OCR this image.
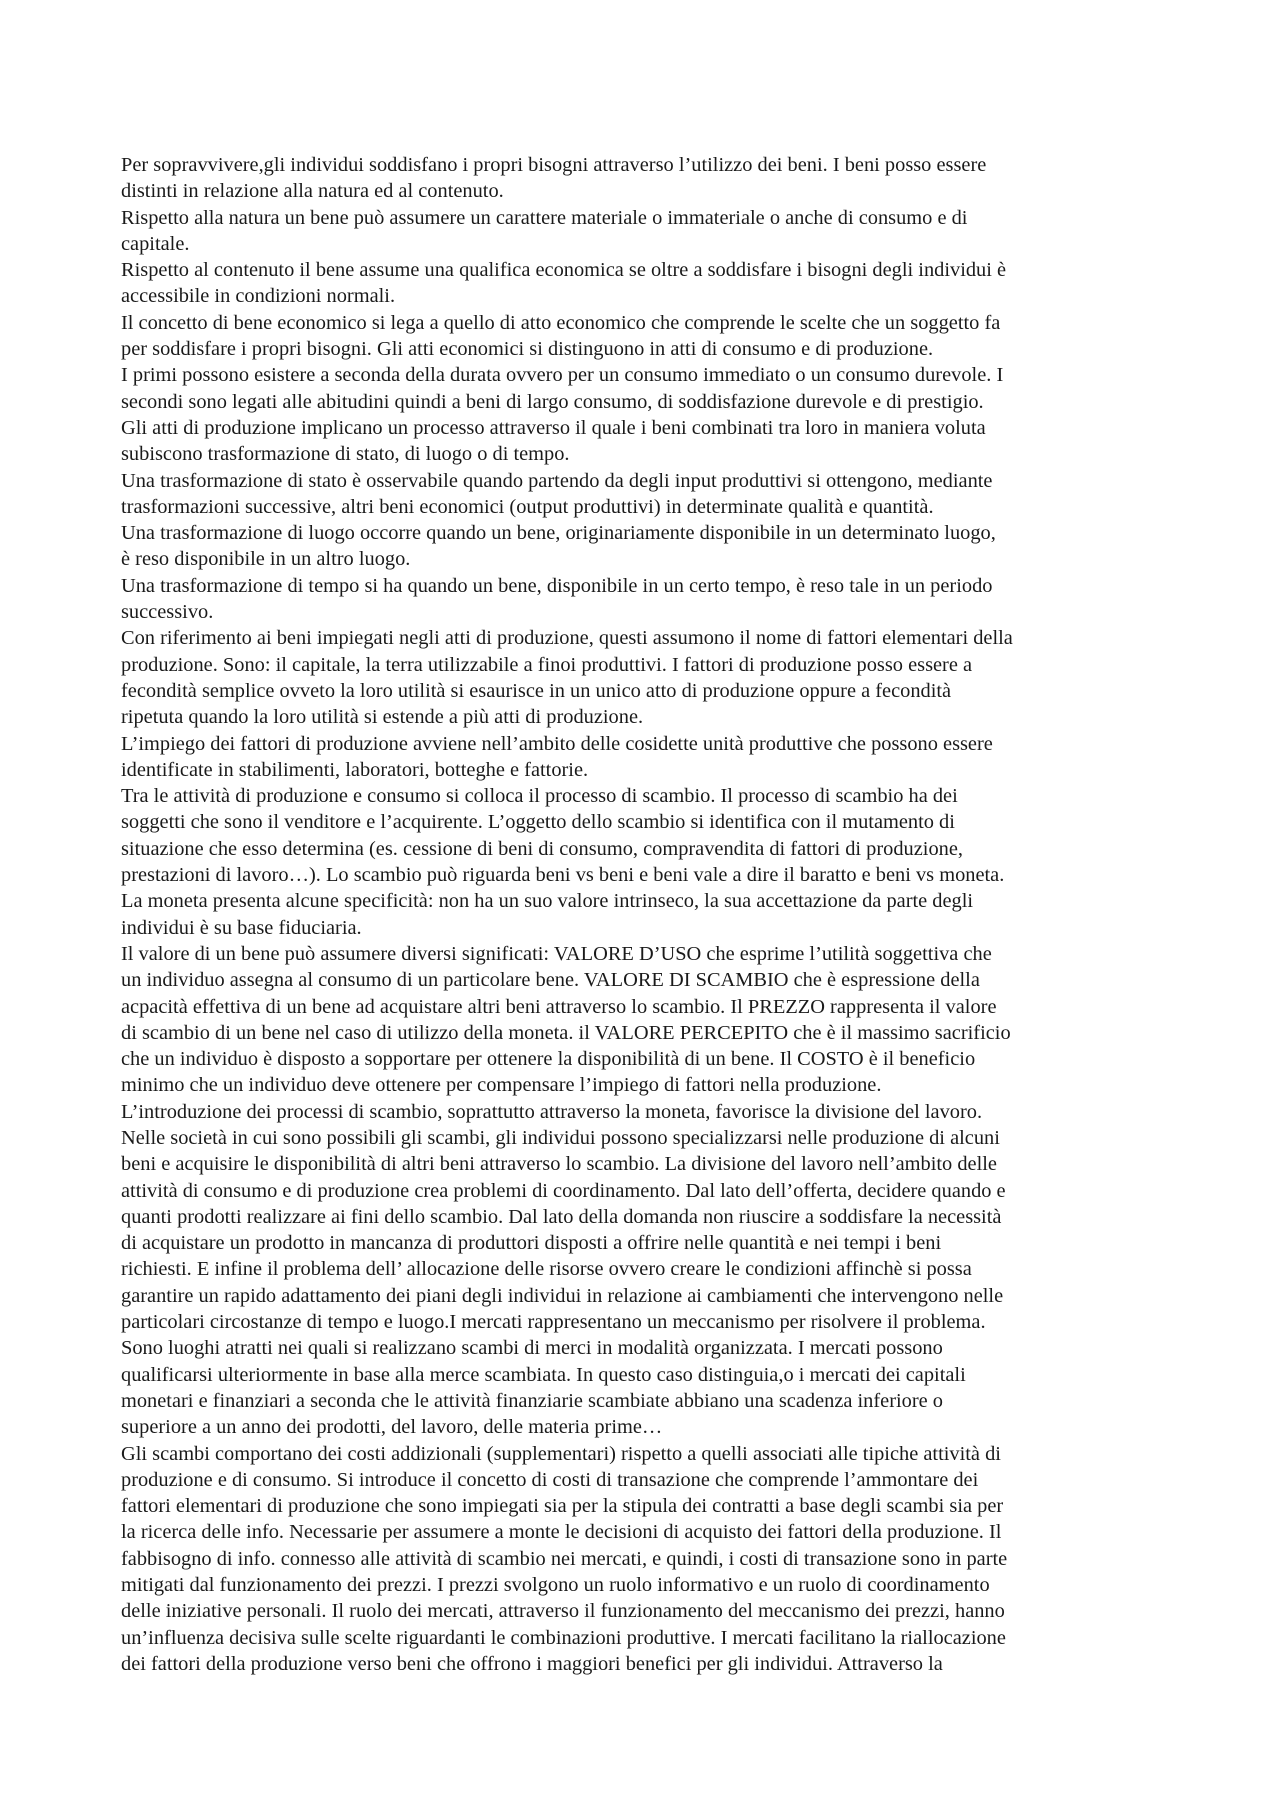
Per sopravvivere,gli individui soddisfano i propri bisogni attraverso l’utilizzo dei beni. I beni posso essere
distinti in relazione alla natura ed al contenuto.
Rispetto alla natura un bene può assumere un carattere materiale o immateriale o anche di consumo e di
capitale.
Rispetto al contenuto il bene assume una qualifica economica se oltre a soddisfare i bisogni degli individui è
accessibile in condizioni normali.
Il concetto di bene economico si lega a quello di atto economico che comprende le scelte che un soggetto fa
per soddisfare i propri bisogni. Gli atti economici si distinguono in atti di consumo e di produzione.
I primi possono esistere a seconda della durata ovvero per un consumo immediato o un consumo durevole. I
secondi sono legati alle abitudini quindi a beni di largo consumo, di soddisfazione durevole e di prestigio.
Gli atti di produzione implicano un processo attraverso il quale i beni combinati tra loro in maniera voluta
subiscono trasformazione di stato, di luogo o di tempo.
Una trasformazione di stato è osservabile quando partendo da degli input produttivi si ottengono, mediante
trasformazioni successive, altri beni economici (output produttivi) in determinate qualità e quantità.
Una trasformazione di luogo occorre quando un bene, originariamente disponibile in un determinato luogo,
è reso disponibile in un altro luogo.
Una trasformazione di tempo si ha quando un bene, disponibile in un certo tempo, è reso tale in un periodo
successivo.
Con riferimento ai beni impiegati negli atti di produzione, questi assumono il nome di fattori elementari della
produzione. Sono: il capitale, la terra utilizzabile a finoi produttivi. I fattori di produzione posso essere a
fecondità semplice ovveto la loro utilità si esaurisce in un unico atto di produzione oppure a fecondità
ripetuta quando la loro utilità si estende a più atti di produzione.
L’impiego dei fattori di produzione avviene nell’ambito delle cosidette unità produttive che possono essere
identificate in stabilimenti, laboratori, botteghe e fattorie.
Tra le attività di produzione e consumo si colloca il processo di scambio. Il processo di scambio ha dei
soggetti che sono il venditore e l’acquirente. L’oggetto dello scambio si identifica con il mutamento di
situazione che esso determina (es. cessione di beni di consumo, compravendita di fattori di produzione,
prestazioni di lavoro…). Lo scambio può riguarda beni vs beni e beni vale a dire il baratto e beni vs moneta.
La moneta presenta alcune specificità: non ha un suo valore intrinseco, la sua accettazione da parte degli
individui è su base fiduciaria.
Il valore di un bene può assumere diversi significati: VALORE D’USO che esprime l’utilità soggettiva che
un individuo assegna al consumo di un particolare bene. VALORE DI SCAMBIO che è espressione della
acpacità effettiva di un bene ad acquistare altri beni attraverso lo scambio. Il PREZZO rappresenta il valore
di scambio di un bene nel caso di utilizzo della moneta. il VALORE PERCEPITO che è il massimo sacrificio
che un individuo è disposto a sopportare per ottenere la disponibilità di un bene. Il COSTO è il beneficio
minimo che un individuo deve ottenere per compensare l’impiego di fattori nella produzione.
L’introduzione dei processi di scambio, soprattutto attraverso la moneta, favorisce la divisione del lavoro.
Nelle società in cui sono possibili gli scambi, gli individui possono specializzarsi nelle produzione di alcuni
beni e acquisire le disponibilità di altri beni attraverso lo scambio. La divisione del lavoro nell’ambito delle
attività di consumo e di produzione crea problemi di coordinamento. Dal lato dell’offerta, decidere quando e
quanti prodotti realizzare ai fini dello scambio. Dal lato della domanda non riuscire a soddisfare la necessità
di acquistare un prodotto in mancanza di produttori disposti a offrire nelle quantità e nei tempi i beni
richiesti. E infine il problema dell’ allocazione delle risorse ovvero creare le condizioni affinchè si possa
garantire un rapido adattamento dei piani degli individui in relazione ai cambiamenti che intervengono nelle
particolari circostanze di tempo e luogo.I mercati rappresentano un meccanismo per risolvere il problema.
Sono luoghi atratti nei quali si realizzano scambi di merci in modalità organizzata. I mercati possono
qualificarsi ulteriormente in base alla merce scambiata. In questo caso distinguia,o i mercati dei capitali
monetari e finanziari a seconda che le attività finanziarie scambiate abbiano una scadenza inferiore o
superiore a un anno dei prodotti, del lavoro, delle materia prime…
Gli scambi comportano dei costi addizionali (supplementari) rispetto a quelli associati alle tipiche attività di
produzione e di consumo. Si introduce il concetto di costi di transazione che comprende l’ammontare dei
fattori elementari di produzione che sono impiegati sia per la stipula dei contratti a base degli scambi sia per
la ricerca delle info. Necessarie per assumere a monte le decisioni di acquisto dei fattori della produzione. Il
fabbisogno di info. connesso alle attività di scambio nei mercati, e quindi, i costi di transazione sono in parte
mitigati dal funzionamento dei prezzi. I prezzi svolgono un ruolo informativo e un ruolo di coordinamento
delle iniziative personali. Il ruolo dei mercati, attraverso il funzionamento del meccanismo dei prezzi, hanno
un’influenza decisiva sulle scelte riguardanti le combinazioni produttive. I mercati facilitano la riallocazione
dei fattori della produzione verso beni che offrono i maggiori benefici per gli individui. Attraverso la
